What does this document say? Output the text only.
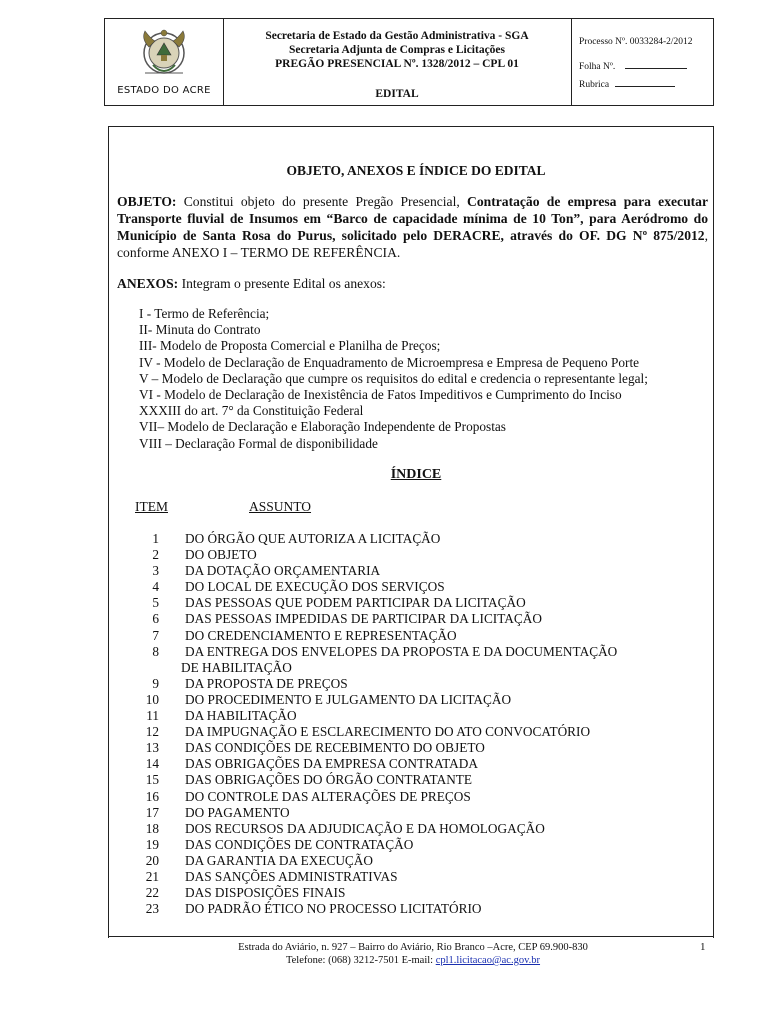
ESTADO DO ACRE
Secretaria de Estado da Gestão Administrativa - SGA
Secretaria Adjunta de Compras e Licitações
PREGÃO PRESENCIAL Nº. 1328/2012 – CPL 01
EDITAL
Processo Nº. 0033284-2/2012
Folha Nº.
Rubrica
OBJETO, ANEXOS E ÍNDICE DO EDITAL
OBJETO: Constitui objeto do presente Pregão Presencial, Contratação de empresa para executar Transporte fluvial de Insumos em “Barco de capacidade mínima de 10 Ton”, para Aeródromo do Município de Santa Rosa do Purus, solicitado pelo DERACRE, através do OF. DG Nº 875/2012, conforme ANEXO I – TERMO DE REFERÊNCIA.
ANEXOS: Integram o presente Edital os anexos:
I - Termo de Referência;
II- Minuta do Contrato
III- Modelo de Proposta Comercial e Planilha de Preços;
IV - Modelo de Declaração de Enquadramento de Microempresa e Empresa de Pequeno Porte
V – Modelo de Declaração que cumpre os requisitos do edital e credencia o representante legal;
VI - Modelo de Declaração de Inexistência de Fatos Impeditivos e Cumprimento do Inciso
XXXIII do art. 7° da Constituição Federal
VII– Modelo de Declaração e Elaboração Independente de Propostas
VIII – Declaração Formal de disponibilidade
ÍNDICE
ITEM	ASSUNTO
1 DO ÓRGÃO QUE AUTORIZA A LICITAÇÃO
2 DO OBJETO
3 DA DOTAÇÃO ORÇAMENTARIA
4 DO LOCAL DE EXECUÇÃO DOS SERVIÇOS
5 DAS PESSOAS QUE PODEM PARTICIPAR DA LICITAÇÃO
6 DAS PESSOAS IMPEDIDAS DE PARTICIPAR DA LICITAÇÃO
7 DO CREDENCIAMENTO E REPRESENTAÇÃO
8 DA ENTREGA DOS ENVELOPES DA PROPOSTA E DA DOCUMENTAÇÃO
DE HABILITAÇÃO
9 DA PROPOSTA DE PREÇOS
10 DO PROCEDIMENTO E JULGAMENTO DA LICITAÇÃO
11 DA HABILITAÇÃO
12 DA IMPUGNAÇÃO E ESCLARECIMENTO DO ATO CONVOCATÓRIO
13 DAS CONDIÇÕES DE RECEBIMENTO DO OBJETO
14 DAS OBRIGAÇÕES DA EMPRESA CONTRATADA
15 DAS OBRIGAÇÕES DO ÓRGÃO CONTRATANTE
16 DO CONTROLE DAS ALTERAÇÕES DE PREÇOS
17 DO PAGAMENTO
18 DOS RECURSOS DA ADJUDICAÇÃO E DA HOMOLOGAÇÃO
19 DAS CONDIÇÕES DE CONTRATAÇÃO
20 DA GARANTIA DA EXECUÇÃO
21 DAS SANÇÕES ADMINISTRATIVAS
22 DAS DISPOSIÇÕES FINAIS
23 DO PADRÃO ÉTICO NO PROCESSO LICITATÓRIO
Estrada do Aviário, n. 927 – Bairro do Aviário, Rio Branco –Acre, CEP 69.900-830
Telefone: (068) 3212-7501 E-mail: cpl1.licitacao@ac.gov.br
1
